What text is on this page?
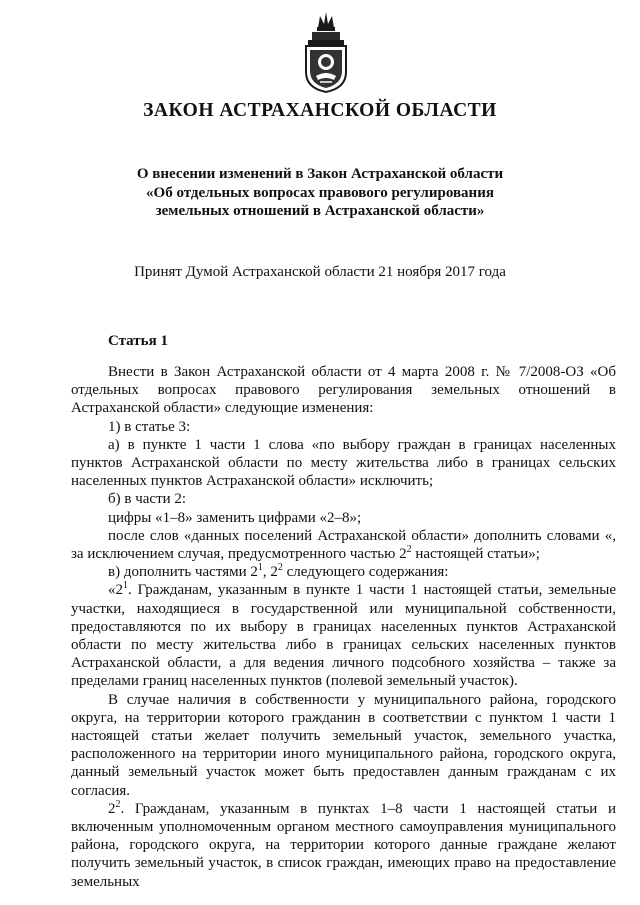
ЗАКОН АСТРАХАНСКОЙ ОБЛАСТИ
О внесении изменений в Закон Астраханской области
«Об отдельных вопросах правового регулирования
земельных отношений в Астраханской области»
Принят Думой Астраханской области 21 ноября 2017 года
Статья 1

Внести в Закон Астраханской области от 4 марта 2008 г. № 7/2008-ОЗ «Об отдельных вопросах правового регулирования земельных отношений в Астраханской области» следующие изменения:

1) в статье 3:

а) в пункте 1 части 1 слова «по выбору граждан в границах населенных пунктов Астраханской области по месту жительства либо в границах сельских населенных пунктов Астраханской области» исключить;

б) в части 2:

цифры «1–8» заменить цифрами «2–8»;

после слов «данных поселений Астраханской области» дополнить словами «, за исключением случая, предусмотренного частью $2^2$ настоящей статьи»;

в) дополнить частями $2^1$, $2^2$ следующего содержания:

«$2^1$. Гражданам, указанным в пункте 1 части 1 настоящей статьи, земельные участки, находящиеся в государственной или муниципальной собственности, предоставляются по их выбору в границах населенных пунктов Астраханской области по месту жительства либо в границах сельских населенных пунктов Астраханской области, а для ведения личного подсобного хозяйства – также за пределами границ населенных пунктов (полевой земельный участок).

В случае наличия в собственности у муниципального района, городского округа, на территории которого гражданин в соответствии с пунктом 1 части 1 настоящей статьи желает получить земельный участок, земельного участка, расположенного на территории иного муниципального района, городского округа, данный земельный участок может быть предоставлен данным гражданам с их согласия.

$2^2$. Гражданам, указанным в пунктах 1–8 части 1 настоящей статьи и включенным уполномоченным органом местного самоуправления муниципального района, городского округа, на территории которого данные граждане желают получить земельный участок, в список граждан, имеющих право на предоставление земельных
